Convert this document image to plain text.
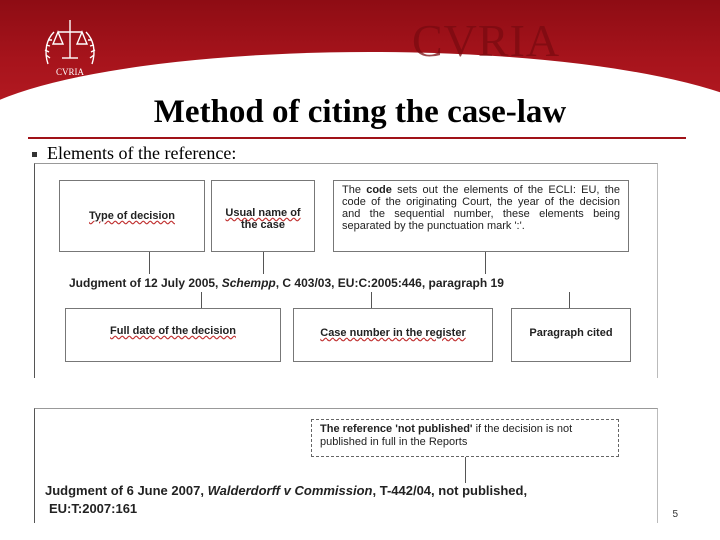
CVRIA
CVRIA
Method of citing the case-law
Elements of the reference:
Type of decision	Usual name of
the case
The code sets out the elements of the ECLI: EU, the code of the originating Court, the year of the decision and the sequential number, these elements being separated by the punctuation mark ':'.
Judgment of 12 July 2005, Schempp, C 403/03, EU:C:2005:446, paragraph 19
Full date of the decision	Case number in the register	Paragraph cited
The reference 'not published' if the decision is not published in full in the Reports
Judgment of 6 June 2007, Walderdorff v Commission, T-442/04, not published,
EU:T:2007:161	5
